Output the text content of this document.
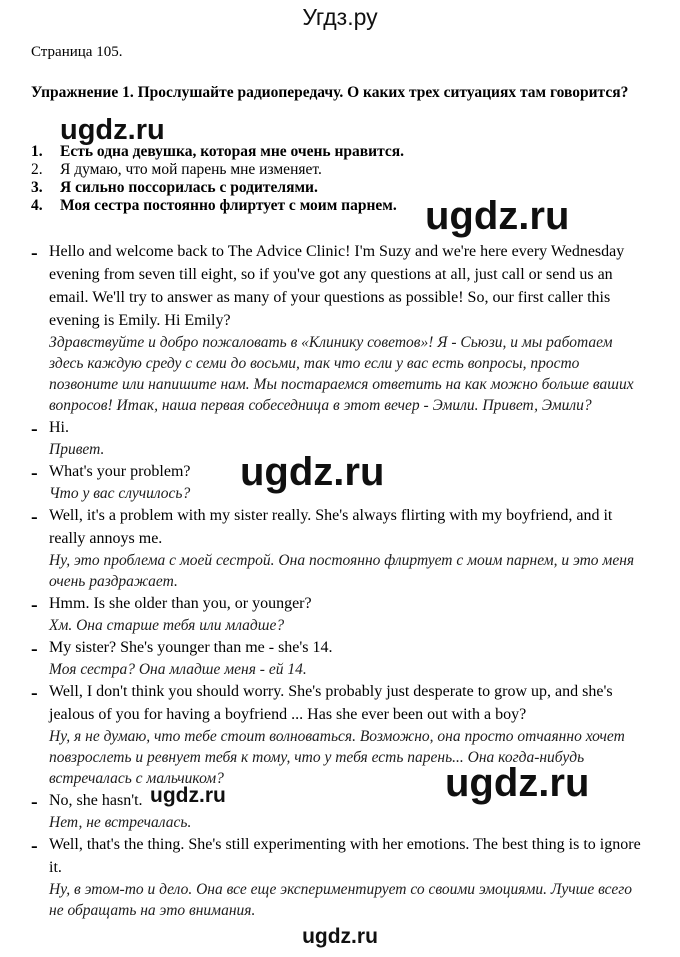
Угдз.ру
Страница 105.
Упражнение 1. Прослушайте радиопередачу. О каких трех ситуациях там говорится?
1.	Есть одна девушка, которая мне очень нравится.
2.	Я думаю, что мой парень мне изменяет.
3.	Я сильно поссорилась с родителями.
4.	Моя сестра постоянно флиртует с моим парнем.
- Hello and welcome back to The Advice Clinic! I'm Suzy and we're here every Wednesday evening from seven till eight, so if you've got any questions at all, just call or send us an email. We'll try to answer as many of your questions as possible! So, our first caller this evening is Emily. Hi Emily?
Здравствуйте и добро пожаловать в «Клинику советов»! Я - Сьюзи, и мы работаем здесь каждую среду с семи до восьми, так что если у вас есть вопросы, просто позвоните или напишите нам. Мы постараемся ответить на как можно больше ваших вопросов! Итак, наша первая собеседница в этот вечер - Эмили. Привет, Эмили?
- Hi.
Привет.
- What's your problem?
Что у вас случилось?
- Well, it's a problem with my sister really. She's always flirting with my boyfriend, and it really annoys me.
Ну, это проблема с моей сестрой. Она постоянно флиртует с моим парнем, и это меня очень раздражает.
- Hmm. Is she older than you, or younger?
Хм. Она старше тебя или младше?
- My sister? She's younger than me - she's 14.
Моя сестра? Она младше меня - ей 14.
- Well, I don't think you should worry. She's probably just desperate to grow up, and she's jealous of you for having a boyfriend ... Has she ever been out with a boy?
Ну, я не думаю, что тебе стоит волноваться. Возможно, она просто отчаянно хочет повзрослеть и ревнует тебя к тому, что у тебя есть парень... Она когда-нибудь встречалась с мальчиком?
- No, she hasn't.
Нет, не встречалась.
- Well, that's the thing. She's still experimenting with her emotions. The best thing is to ignore it.
Ну, в этом-то и дело. Она все еще экспериментирует со своими эмоциями. Лучше всего не обращать на это внимания.
ugdz.ru
ugdz.ru
ugdz.ru
ugdz.ru
ugdz.ru
ugdz.ru
